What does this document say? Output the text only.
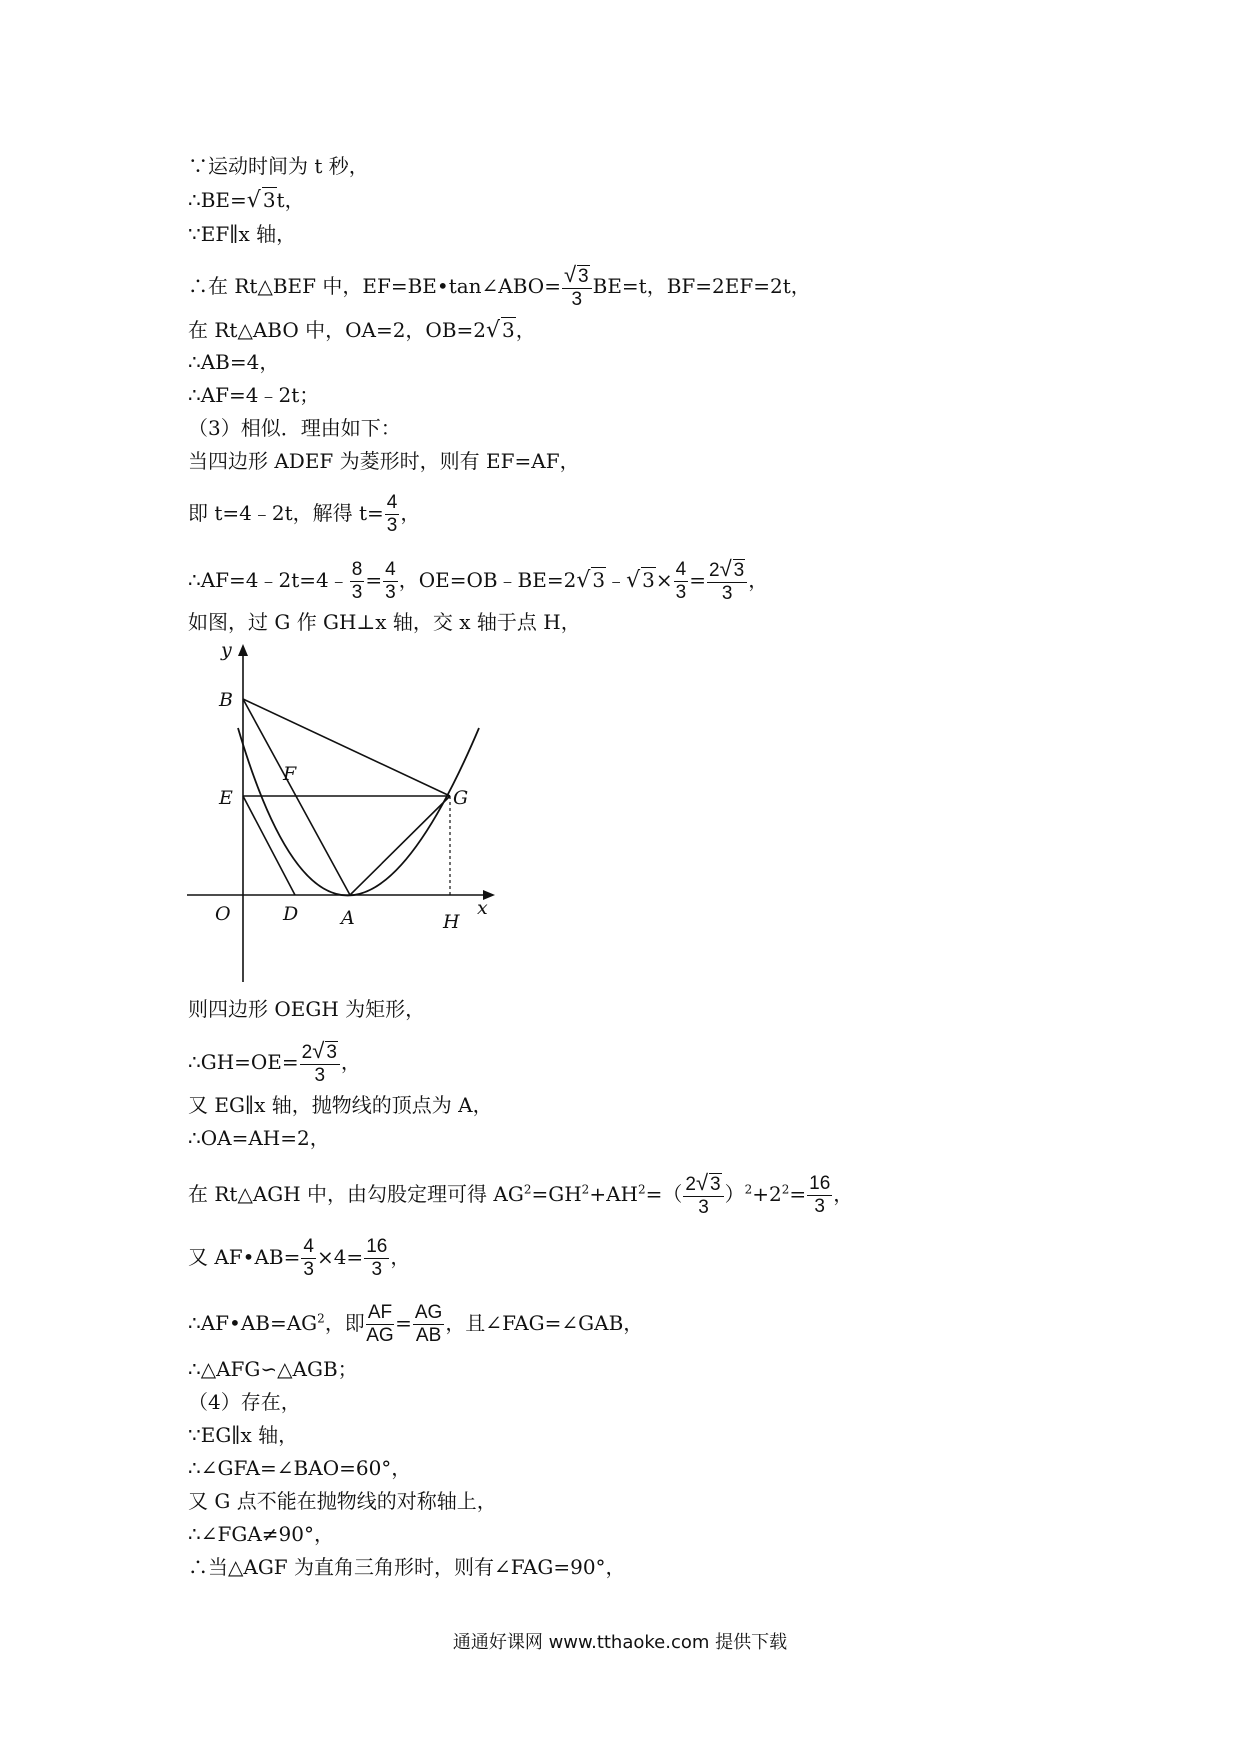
∵运动时间为 t 秒，
∴BE=√ 3t，
∵EF∥x 轴，
∴在 Rt△BEF 中，EF=BE•tan∠ABO= $\frac{√ 3}{3} BE=t$，BF=2EF=2t，
在 Rt△ABO 中，OA=2，OB=2√ 3，
∴AB=4，
∴AF=4﹣2t；
（3）相似．理由如下：
当四边形 ADEF 为菱形时，则有 EF=AF，
即 t=4﹣2t，解得 $t= \frac{4}{3}$ ，
∴AF=4﹣2t=4﹣ $\frac{8}{3} = \frac{4}{3}$ ，OE=OB﹣BE=2√ 3﹣√ $3\times \frac{4}{3} = \frac{2√ 3}{3}$ ，
如图，过 G 作 GH⊥x 轴，交 x 轴于点 H，
y
x
B
F
E	G
O	D A	H
则四边形 OEGH 为矩形，
∴GH=OE= $\frac{2√ 3}{3}$ ，
又 EG∥x 轴，抛物线的顶点为 A，
∴OA=AH=2，
在 Rt△AGH 中，由勾股定理可得 $AG^2=GH^2+AH^2=( \frac{2√ 3}{3} )^2+2^2= \frac{16}{3}$ ，
又 AF•AB= $\frac{4}{3} \times 4= \frac{16}{3}$ ，
$\therefore AF•AB=AG^2$，即 $\frac{AF}{AG} = \frac{AG}{AB}$ ，且∠FAG=∠GAB，
∴△AFG∽△AGB；
（4）存在，
∵EG∥x 轴，
∴∠GFA=∠BAO=60°，
又 G 点不能在抛物线的对称轴上，
∴∠FGA≠90°，
∴当△AGF 为直角三角形时，则有∠FAG=90°，
通通好课网 www.tthaoke.com 提供下载
